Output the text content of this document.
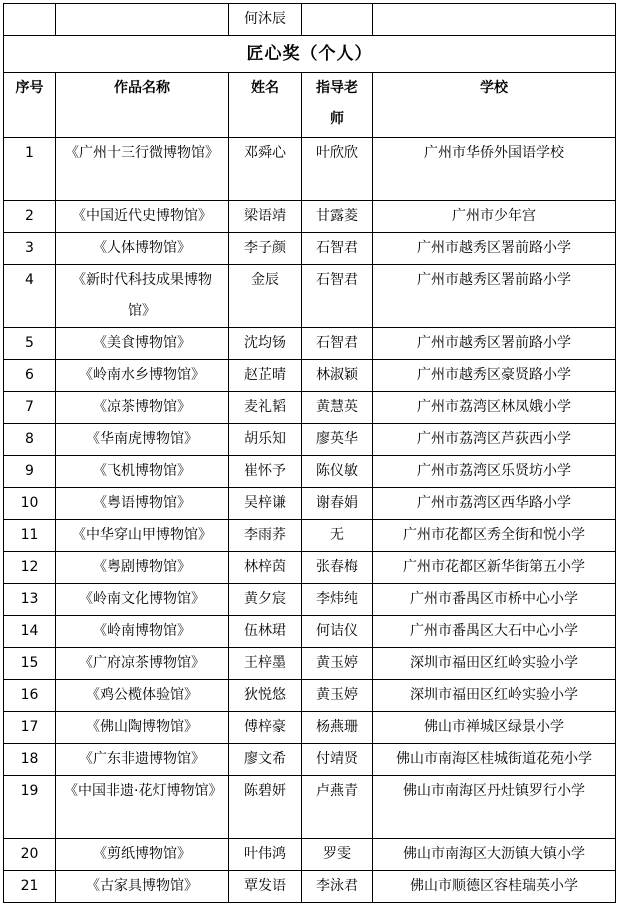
		何沐辰		
匠心奖（个人）				
序号	作品名称	姓名	指导老师	学校
1	《广州十三行微博物馆》	邓舜心	叶欣欣	广州市华侨外国语学校
2	《中国近代史博物馆》	梁语靖	甘露菱	广州市少年宫
3	《人体博物馆》	李子颜	石智君	广州市越秀区署前路小学
4	《新时代科技成果博物馆》	金辰	石智君	广州市越秀区署前路小学
5	《美食博物馆》	沈均钖	石智君	广州市越秀区署前路小学
6	《岭南水乡博物馆》	赵芷晴	林淑颖	广州市越秀区豪贤路小学
7	《凉茶博物馆》	麦礼韬	黄慧英	广州市荔湾区林凤娥小学
8	《华南虎博物馆》	胡乐知	廖英华	广州市荔湾区芦荻西小学
9	《飞机博物馆》	崔怀予	陈仪敏	广州市荔湾区乐贤坊小学
10	《粤语博物馆》	吴梓谦	谢春娟	广州市荔湾区西华路小学
11	《中华穿山甲博物馆》	李雨荞	无	广州市花都区秀全街和悦小学
12	《粤剧博物馆》	林梓茵	张春梅	广州市花都区新华街第五小学
13	《岭南文化博物馆》	黄夕宸	李炜纯	广州市番禺区市桥中心小学
14	《岭南博物馆》	伍林珺	何诘仪	广州市番禺区大石中心小学
15	《广府凉茶博物馆》	王梓墨	黄玉婷	深圳市福田区红岭实验小学
16	《鸡公榄体验馆》	狄悦悠	黄玉婷	深圳市福田区红岭实验小学
17	《佛山陶博物馆》	傅梓豪	杨燕珊	佛山市禅城区绿景小学
18	《广东非遗博物馆》	廖文希	付靖贤	佛山市南海区桂城街道花苑小学
19	《中国非遗·花灯博物馆》	陈碧妍	卢燕青	佛山市南海区丹灶镇罗行小学
20	《剪纸博物馆》	叶伟鸿	罗雯	佛山市南海区大沥镇大镇小学
21	《古家具博物馆》	覃发语	李泳君	佛山市顺德区容桂瑞英小学
